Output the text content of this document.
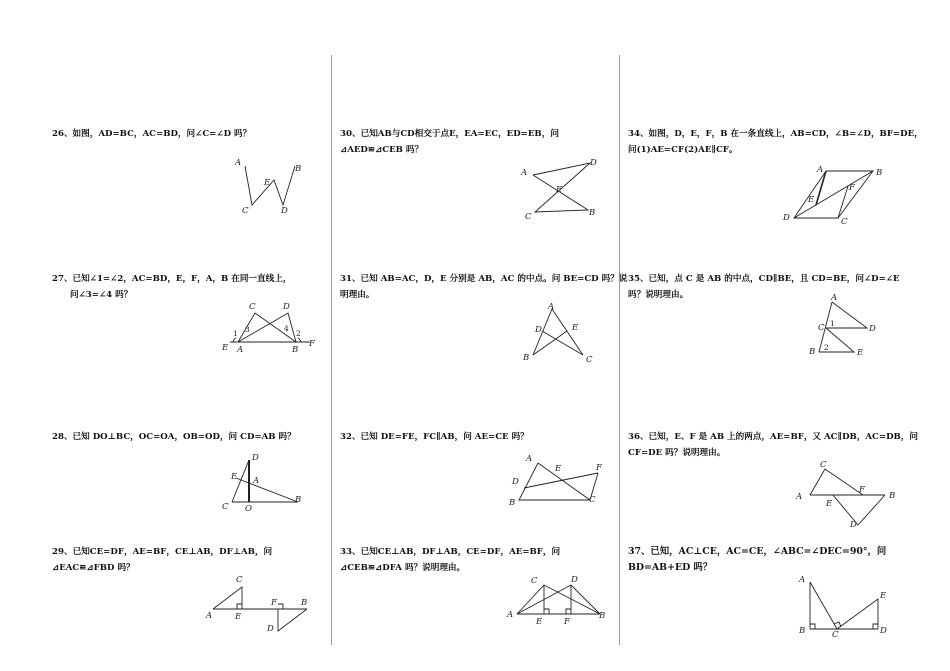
26、如图，AD=BC，AC=BD，问∠C=∠D 吗？
A
B
E
C	D
27、已知∠1=∠2，AC=BD，E，F，A，B 在同一直线上，
问∠3=∠4 吗？
C	D
1 3	4
2
E A	B
F
28、已知 DO⊥BC，OC=OA，OB=OD，问 CD=AB 吗？
D
E A
B
C O
29、已知CE=DF，AE=BF，CE⊥AB，DF⊥AB，问
⊿EAC≌⊿FBD 吗？
C
A	E
F	B
D
30、已知AB与CD相交于点E，EA=EC，ED=EB，问
⊿AED≌⊿CEB 吗？
A
D
E
C	B
31、已知 AB=AC，D，E 分别是 AB，AC 的中点。问 BE=CD 吗？说
明理由。
A
D	E
B	C
32、已知 DE=FE，FC∥AB，问 AE=CE 吗？
A
E	F
D
B	C
33、已知CE⊥AB，DF⊥AB，CE=DF，AE=BF，问
⊿CEB≌⊿DFA 吗？说明理由。
C	D
A
E	F
B
34、如图，D，E，F，B 在一条直线上，AB=CD，∠B=∠D，BF=DE，
问(1)AE=CF(2)AE∥CF。
A	B
F
E
D	C
35、已知，点 C 是 AB 的中点，CD∥BE，且 CD=BE，问∠D=∠E
吗？说明理由。	A
C 1
D
B 2
E
36、已知，E、F 是 AB 上的两点，AE=BF，又 AC∥DB，AC=DB，问
CF=DE 吗？说明理由。
C
A
F
B
E
D
37、已知，AC⊥CE，AC=CE，∠ABC=∠DEC=90°，问
BD=AB+ED 吗？
A
E
B	C	D
